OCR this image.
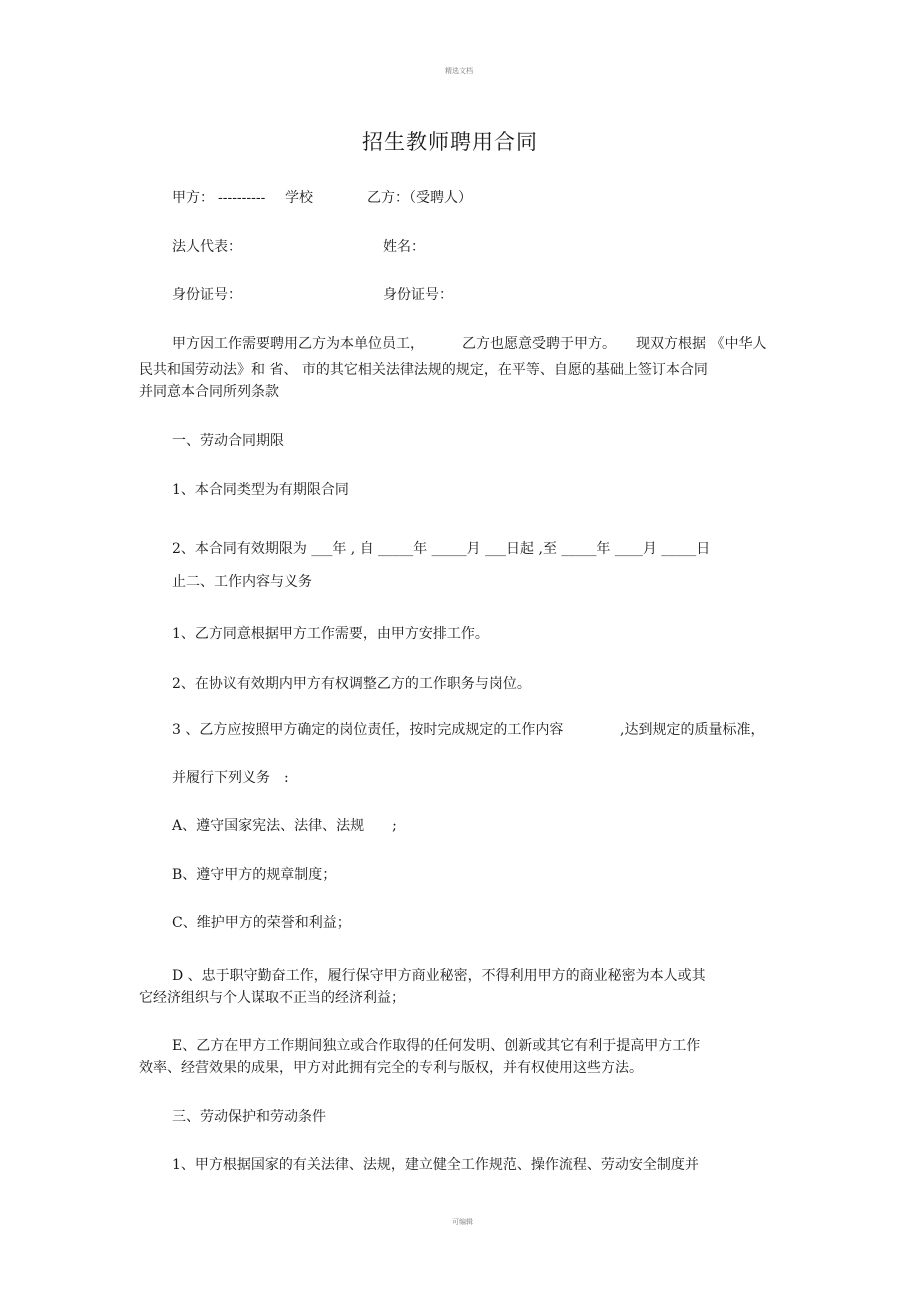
精选文档
招生教师聘用合同
甲方： ---------- 学校	乙方：（受聘人）
法人代表：	姓名：
身份证号：	身份证号：
甲方因工作需要聘用乙方为本单位员工，	乙方也愿意受聘于甲方。 现双方根据 《中华人
民共和国劳动法》和 省、 市的其它相关法律法规的规定，在平等、自愿的基础上签订本合同
并同意本合同所列条款
一、劳动合同期限
1、本合同类型为有期限合同
2、本合同有效期限为 ___年 , 自 _____年 _____月 ___日起 ,至 _____年 ____月 _____日
止二、工作内容与义务
1、乙方同意根据甲方工作需要，由甲方安排工作。
2、在协议有效期内甲方有权调整乙方的工作职务与岗位。
3 、乙方应按照甲方确定的岗位责任，按时完成规定的工作内容	,达到规定的质量标准，
并履行下列义务　:
A、遵守国家宪法、法律、法规　　;
B、遵守甲方的规章制度；
C、维护甲方的荣誉和利益；
D 、忠于职守勤奋工作，履行保守甲方商业秘密，不得利用甲方的商业秘密为本人或其
它经济组织与个人谋取不正当的经济利益；
E、乙方在甲方工作期间独立或合作取得的任何发明、创新或其它有利于提高甲方工作
效率、经营效果的成果，甲方对此拥有完全的专利与版权，并有权使用这些方法。
三、劳动保护和劳动条件
1、甲方根据国家的有关法律、法规，建立健全工作规范、操作流程、劳动安全制度并
可编辑
